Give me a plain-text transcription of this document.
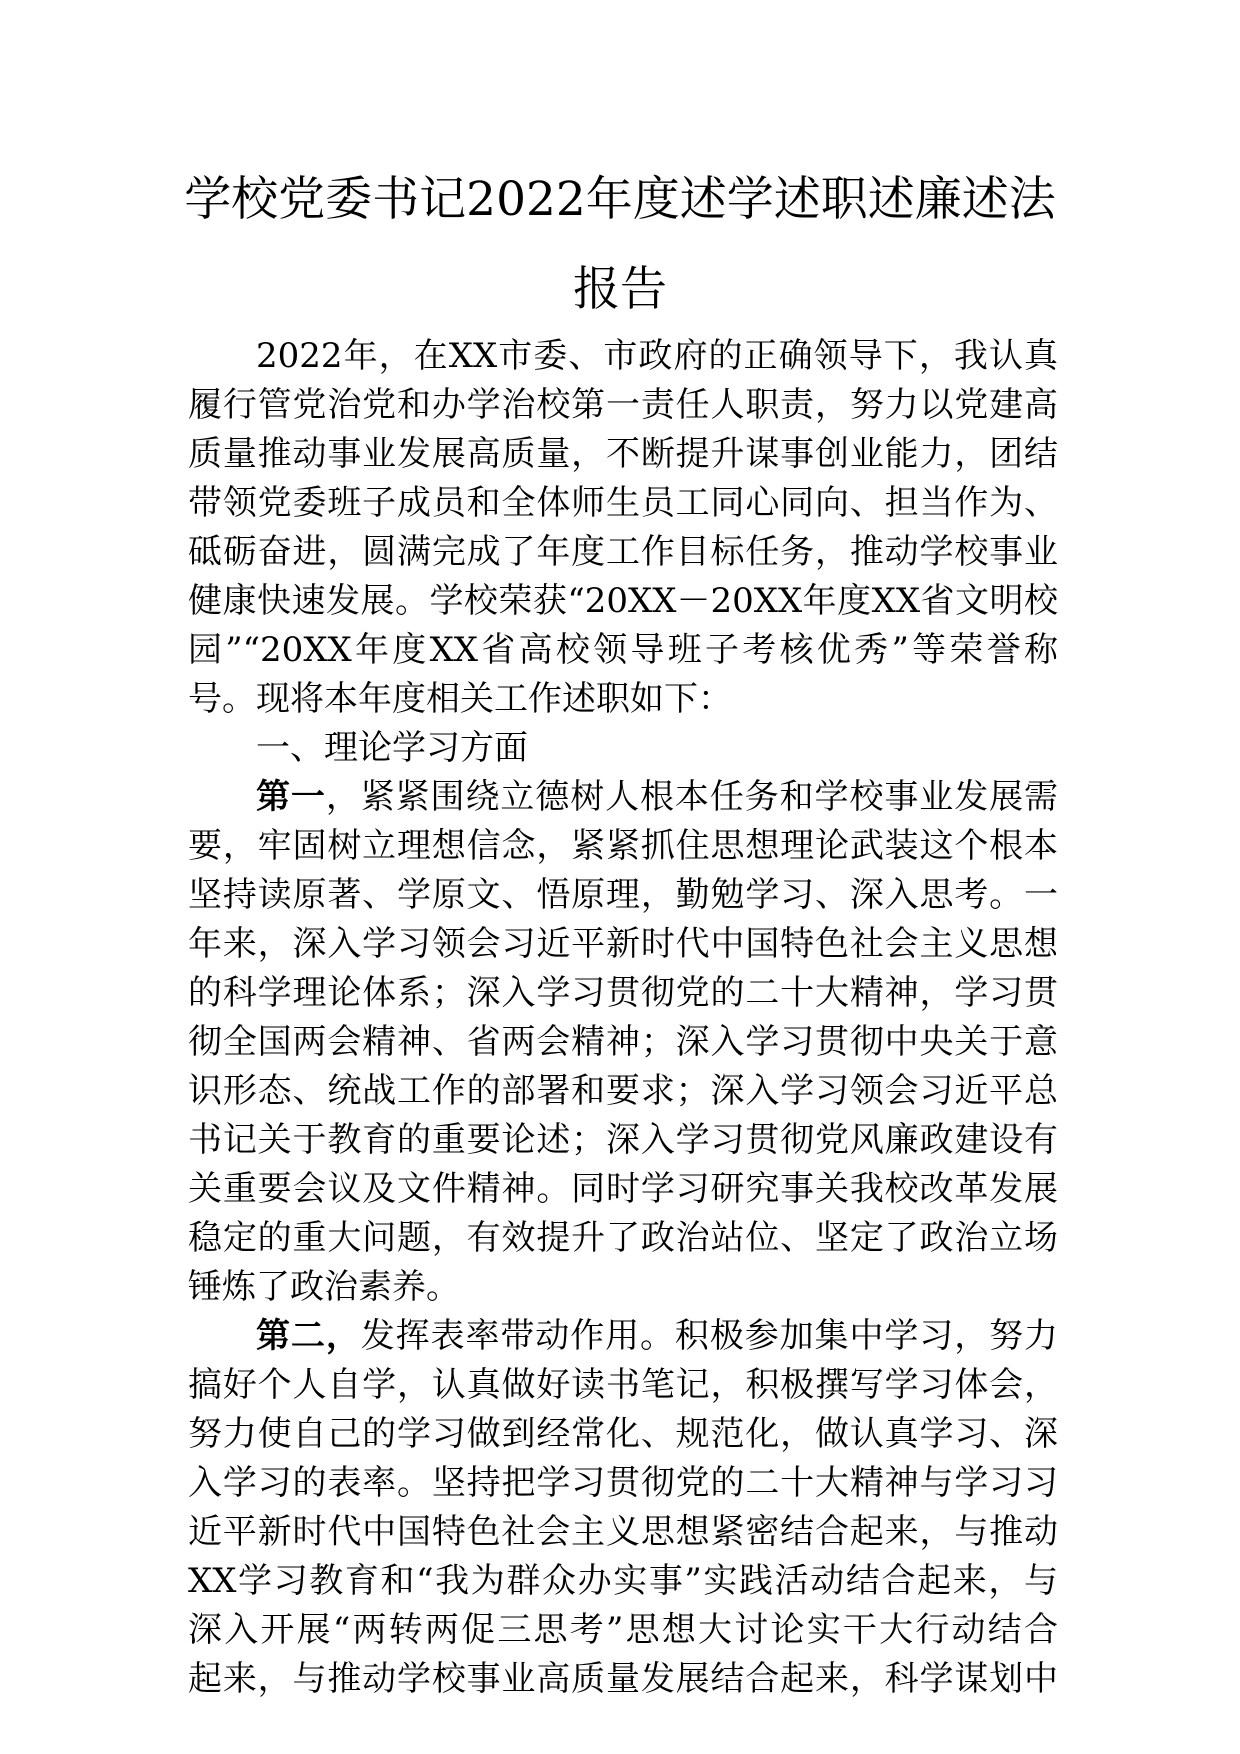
学校党委书记2022年度述学述职述廉述法
报告
2022年，在XX市委、市政府的正确领导下，我认真
履行管党治党和办学治校第一责任人职责，努力以党建高
质量推动事业发展高质量，不断提升谋事创业能力，团结
带领党委班子成员和全体师生员工同心同向、担当作为、
砥砺奋进，圆满完成了年度工作目标任务，推动学校事业
健康快速发展。学校荣获“20XX－20XX年度XX省文明校
园”“20XX年度XX省高校领导班子考核优秀”等荣誉称
号。现将本年度相关工作述职如下：
一、理论学习方面
第一，紧紧围绕立德树人根本任务和学校事业发展需
要，牢固树立理想信念，紧紧抓住思想理论武装这个根本
坚持读原著、学原文、悟原理，勤勉学习、深入思考。一
年来，深入学习领会习近平新时代中国特色社会主义思想
的科学理论体系；深入学习贯彻党的二十大精神，学习贯
彻全国两会精神、省两会精神；深入学习贯彻中央关于意
识形态、统战工作的部署和要求；深入学习领会习近平总
书记关于教育的重要论述；深入学习贯彻党风廉政建设有
关重要会议及文件精神。同时学习研究事关我校改革发展
稳定的重大问题，有效提升了政治站位、坚定了政治立场
锤炼了政治素养。
第二，发挥表率带动作用。积极参加集中学习，努力
搞好个人自学，认真做好读书笔记，积极撰写学习体会，
努力使自己的学习做到经常化、规范化，做认真学习、深
入学习的表率。坚持把学习贯彻党的二十大精神与学习习
近平新时代中国特色社会主义思想紧密结合起来，与推动
XX学习教育和“我为群众办实事”实践活动结合起来，与
深入开展“两转两促三思考”思想大讨论实干大行动结合
起来，与推动学校事业高质量发展结合起来，科学谋划中
